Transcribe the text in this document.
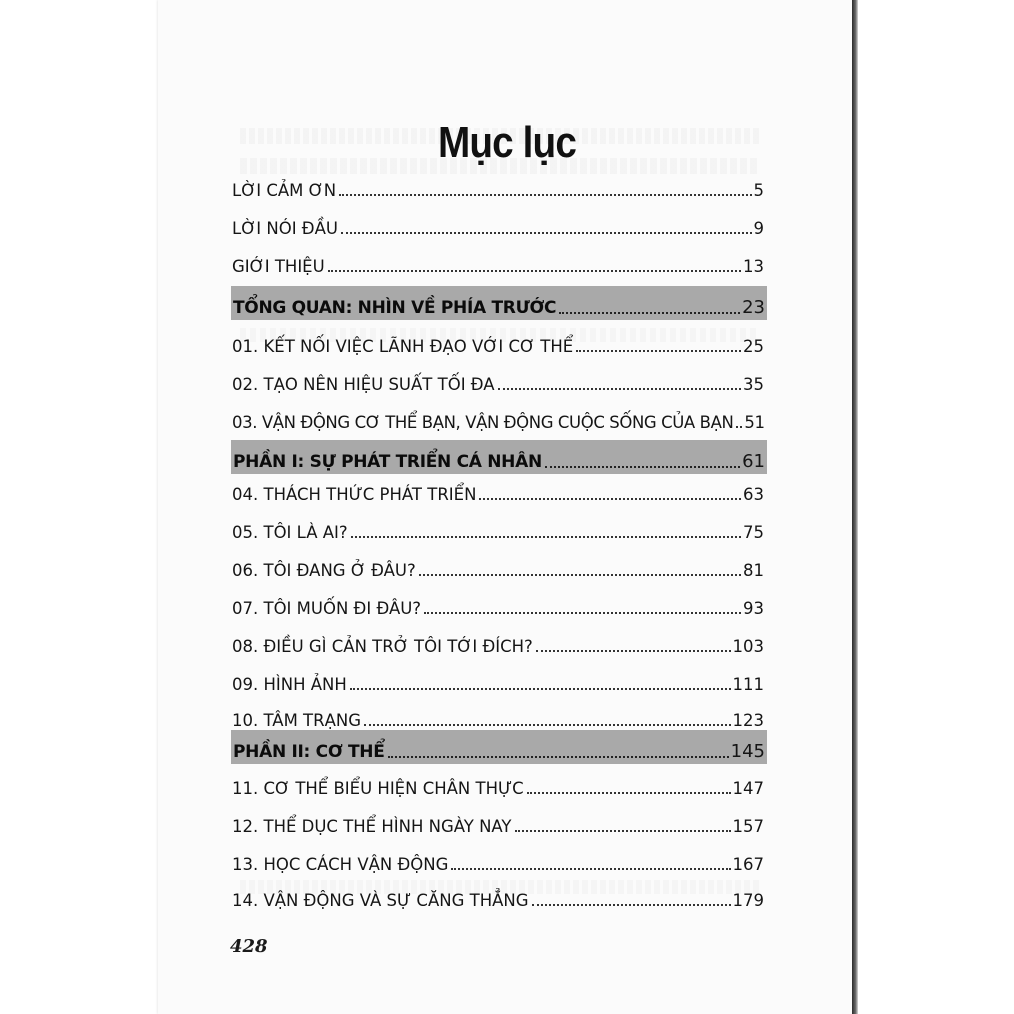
Mục lục
LỜI CẢM ƠN	5
LỜI NÓI ĐẦU	9
GIỚI THIỆU	13
TỔNG QUAN: NHÌN VỀ PHÍA TRƯỚC	23
01. KẾT NỐI VIỆC LÃNH ĐẠO VỚI CƠ THỂ	25
02. TẠO NÊN HIỆU SUẤT TỐI ĐA	35
03. VẬN ĐỘNG CƠ THỂ BẠN, VẬN ĐỘNG CUỘC SỐNG CỦA BẠN 51
PHẦN I: SỰ PHÁT TRIỂN CÁ NHÂN	61
04. THÁCH THỨC PHÁT TRIỂN	63
05. TÔI LÀ AI?	75
06. TÔI ĐANG Ở ĐÂU?	81
07. TÔI MUỐN ĐI ĐÂU?	93
08. ĐIỀU GÌ CẢN TRỞ TÔI TỚI ĐÍCH?	103
09. HÌNH ẢNH	111
10. TÂM TRẠNG	123
PHẦN II: CƠ THỂ	145
11. CƠ THỂ BIỂU HIỆN CHÂN THỰC	147
12. THỂ DỤC THỂ HÌNH NGÀY NAY	157
13. HỌC CÁCH VẬN ĐỘNG	167
14. VẬN ĐỘNG VÀ SỰ CĂNG THẲNG	179
428
